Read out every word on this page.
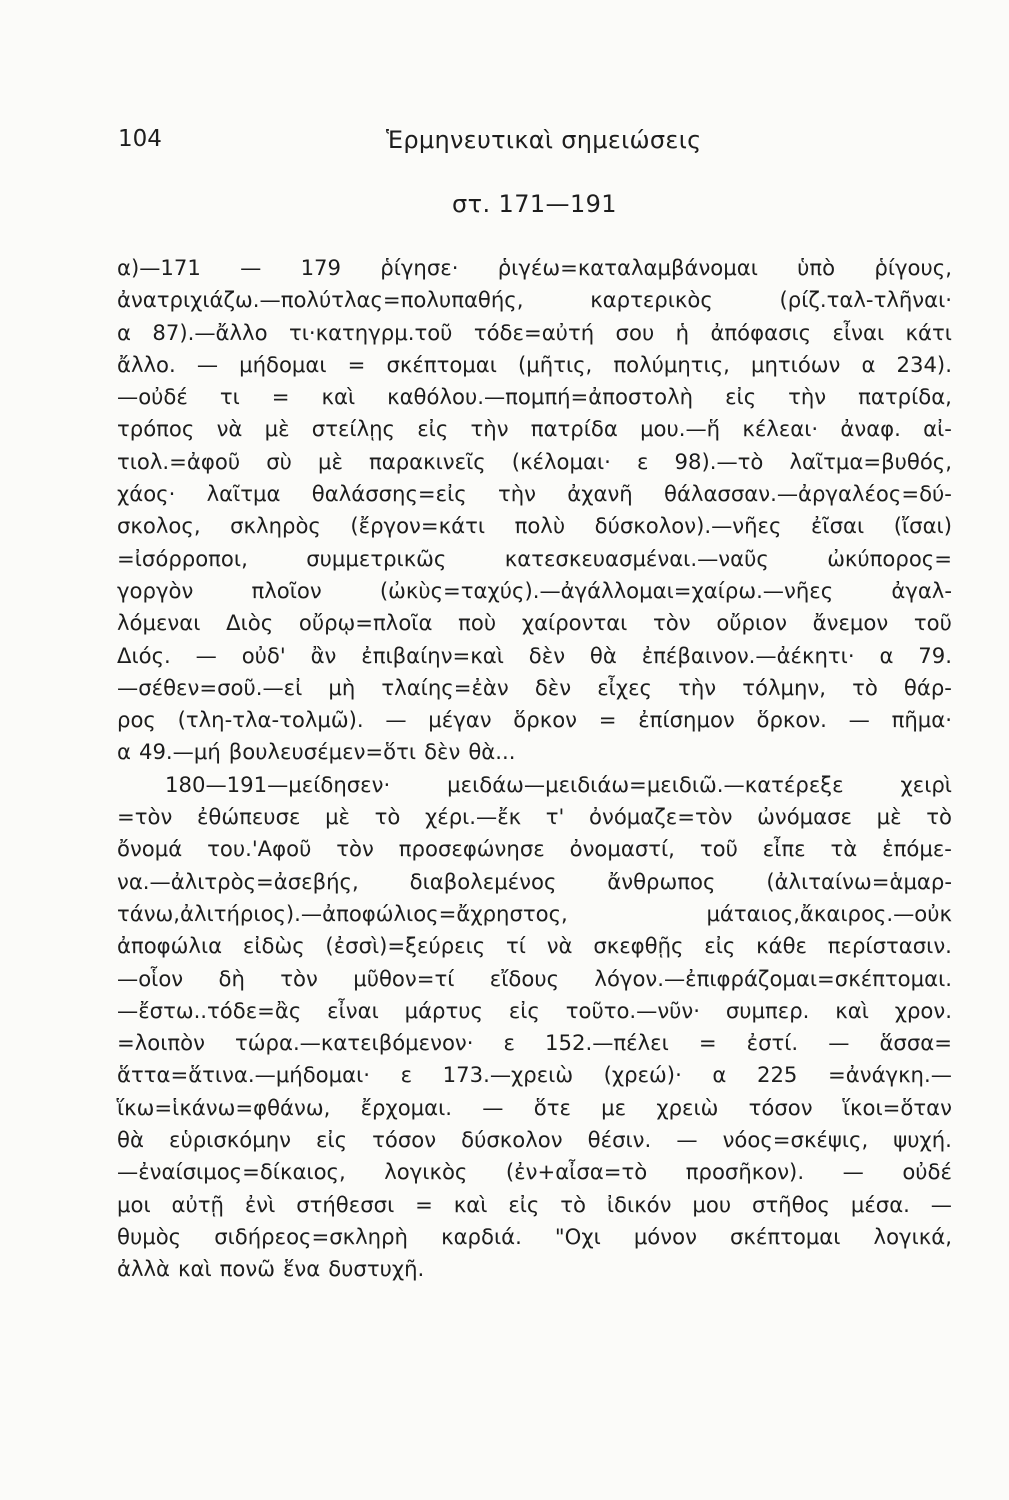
104	Ἑρμηνευτικαὶ σημειώσεις
στ. 171—191
α)—171 — 179 ῥίγησε· ῥιγέω=καταλαμβάνομαι ὑπὸ ῥίγους,
ἀνατριχιάζω.—πολύτλας=πολυπαθής,	καρτερικὸς	(ρίζ.ταλ-τλῆναι·
α 87).—ἄλλο τι·κατηγρμ.τοῦ τόδε=αὐτή σου ἡ ἀπόφασις εἶναι κάτι
ἄλλο. — μήδομαι = σκέπτομαι (μῆτις, πολύμητις, μητιόων α 234).
—οὐδέ τι = καὶ καθόλου.—πομπή=ἀποστολὴ εἰς τὴν πατρίδα,
τρόπος νὰ μὲ στείλῃς εἰς τὴν πατρίδα μου.—ἥ κέλεαι· ἀναφ. αἰ-
τιολ.=ἀφοῦ σὺ μὲ παρακινεῖς (κέλομαι· ε 98).—τὸ λαῖτμα=βυθός,
χάος· λαῖτμα θαλάσσης=εἰς τὴν ἀχανῆ θάλασσαν.—ἀργαλέος=δύ-
σκολος, σκληρὸς (ἔργον=κάτι πολὺ δύσκολον).—νῆες ἐῖσαι (ἴσαι)
=ἰσόρροποι,	συμμετρικῶς	κατεσκευασμέναι.—ναῦς	ὠκύπορος=
γοργὸν	πλοῖον	(ὠκὺς=ταχύς).—ἀγάλλομαι=χαίρω.—νῆες	ἀγαλ-
λόμεναι Διὸς οὔρῳ=πλοῖα ποὺ χαίρονται τὸν οὔριον ἄνεμον τοῦ
Διός. — οὐδ' ἂν ἐπιβαίην=καὶ δὲν θὰ ἐπέβαινον.—ἀέκητι· α 79.
—σέθεν=σοῦ.—εἰ μὴ τλαίης=ἐὰν δὲν εἶχες τὴν τόλμην, τὸ θάρ-
ρος (τλη-τλα-τολμῶ). — μέγαν ὅρκον = ἐπίσημον ὅρκον. — πῆμα·
α 49.—μή βουλευσέμεν=ὅτι δὲν θὰ...
180—191—μείδησεν·	μειδάω—μειδιάω=μειδιῶ.—κατέρεξε	χειρὶ
=τὸν ἐθώπευσε μὲ τὸ χέρι.—ἔκ τ' ὀνόμαζε=τὸν ὠνόμασε μὲ τὸ
ὄνομά του.'Αφοῦ τὸν προσεφώνησε ὀνομαστί, τοῦ εἶπε τὰ ἑπόμε-
να.—ἀλιτρὸς=ἀσεβής, διαβολεμένος ἄνθρωπος (ἀλιταίνω=ἁμαρ-
τάνω,ἀλιτήριος).—ἀποφώλιος=ἄχρηστος,	μάταιος,ἄκαιρος.—οὐκ
ἀποφώλια εἰδὼς (ἐσσὶ)=ξεύρεις τί νὰ σκεφθῇς εἰς κάθε περίστασιν.
—οἷον δὴ τὸν μῦθον=τί εἴδους λόγον.—ἐπιφράζομαι=σκέπτομαι.
—ἔστω..τόδε=ἂς εἶναι μάρτυς εἰς τοῦτο.—νῦν· συμπερ. καὶ χρον.
=λοιπὸν τώρα.—κατειβόμενον· ε 152.—πέλει = ἐστί. — ἅσσα=
ἅττα=ἅτινα.—μήδομαι· ε 173.—χρειὼ (χρεώ)· α 225 =ἀνάγκη.—
ἵκω=ἱκάνω=φθάνω, ἔρχομαι. — ὅτε με χρειὼ τόσον ἵκοι=ὅταν
θὰ εὑρισκόμην εἰς τόσον δύσκολον θέσιν. — νόος=σκέψις, ψυχή.
—ἐναίσιμος=δίκαιος, λογικὸς (ἐν+αἶσα=τὸ προσῆκον). — οὐδέ
μοι αὐτῇ ἐνὶ στήθεσσι = καὶ εἰς τὸ ἰδικόν μου στῆθος μέσα. —
θυμὸς σιδήρεος=σκληρὴ καρδιά. "Οχι μόνον σκέπτομαι λογικά,
ἀλλὰ καὶ πονῶ ἕνα δυστυχῆ.
